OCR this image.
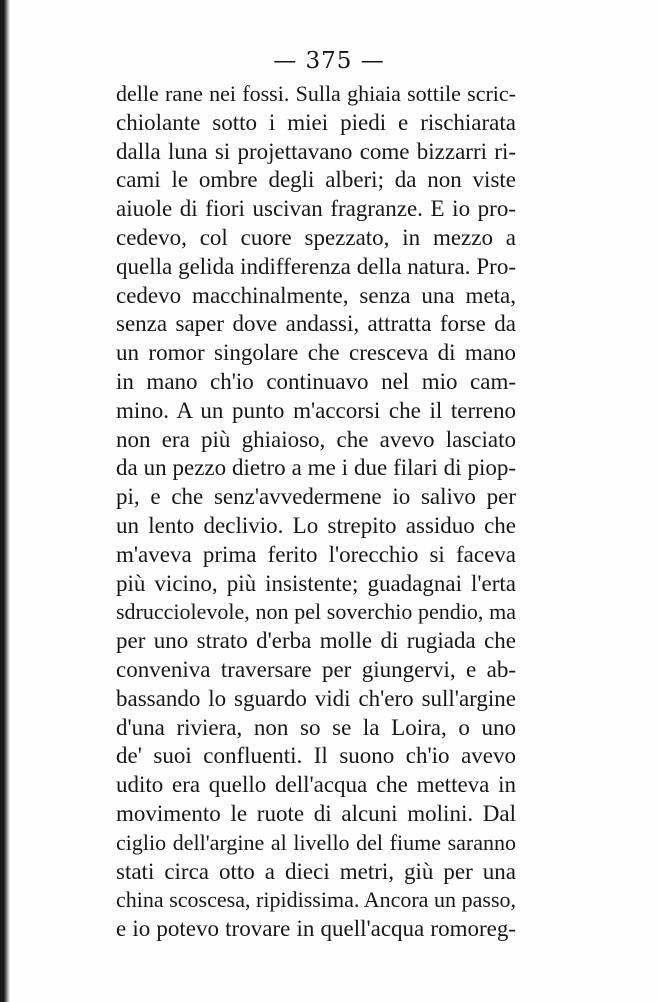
— 375 —
delle rane nei fossi. Sulla ghiaia sottile scric-
chiolante sotto i miei piedi e rischiarata
dalla luna si projettavano come bizzarri ri-
cami le ombre degli alberi; da non viste
aiuole di fiori uscivan fragranze. E io pro-
cedevo, col cuore spezzato, in mezzo a
quella gelida indifferenza della natura. Pro-
cedevo macchinalmente, senza una meta,
senza saper dove andassi, attratta forse da
un romor singolare che cresceva di mano
in mano ch'io continuavo nel mio cam-
mino. A un punto m'accorsi che il terreno
non era più ghiaioso, che avevo lasciato
da un pezzo dietro a me i due filari di piop-
pi, e che senz'avvedermene io salivo per
un lento declivio. Lo strepito assiduo che
m'aveva prima ferito l'orecchio si faceva
più vicino, più insistente; guadagnai l'erta
sdrucciolevole, non pel soverchio pendio, ma
per uno strato d'erba molle di rugiada che
conveniva traversare per giungervi, e ab-
bassando lo sguardo vidi ch'ero sull'argine
d'una riviera, non so se la Loira, o uno
de' suoi confluenti. Il suono ch'io avevo
udito era quello dell'acqua che metteva in
movimento le ruote di alcuni molini. Dal
ciglio dell'argine al livello del fiume saranno
stati circa otto a dieci metri, giù per una
china scoscesa, ripidissima. Ancora un passo,
e io potevo trovare in quell'acqua romoreg-
